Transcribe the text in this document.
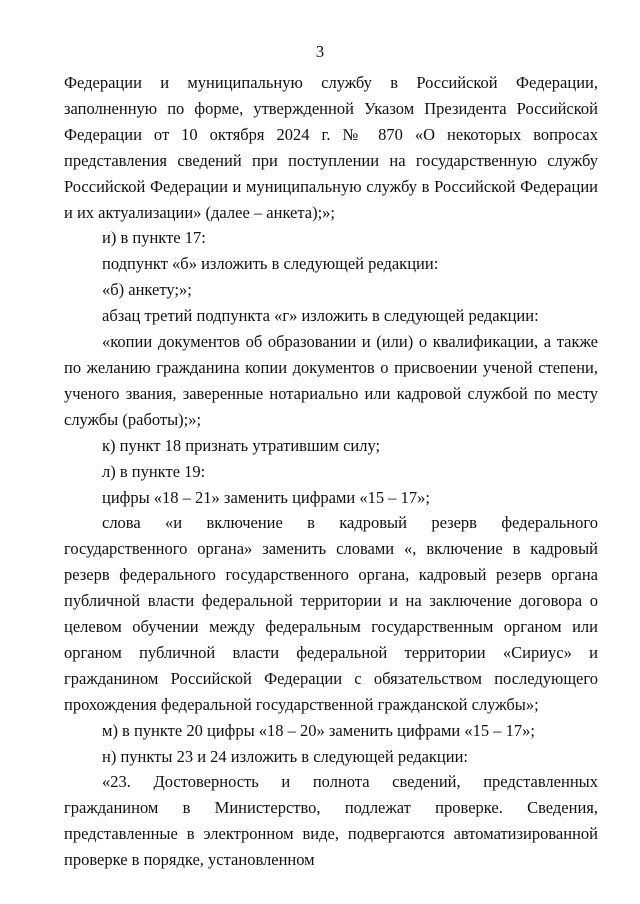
3

Федерации и муниципальную службу в Российской Федерации, заполненную по форме, утвержденной Указом Президента Российской Федерации от 10 октября 2024 г. № 870 «О некоторых вопросах представления сведений при поступлении на государственную службу Российской Федерации и муниципальную службу в Российской Федерации и их актуализации» (далее – анкета);»;

и) в пункте 17:

подпункт «б» изложить в следующей редакции:

«б) анкету;»;

абзац третий подпункта «г» изложить в следующей редакции:

«копии документов об образовании и (или) о квалификации, а также по желанию гражданина копии документов о присвоении ученой степени, ученого звания, заверенные нотариально или кадровой службой по месту службы (работы);»;

к) пункт 18 признать утратившим силу;

л) в пункте 19:

цифры «18 – 21» заменить цифрами «15 – 17»;

слова «и включение в кадровый резерв федерального государственного органа» заменить словами «, включение в кадровый резерв федерального государственного органа, кадровый резерв органа публичной власти федеральной территории и на заключение договора о целевом обучении между федеральным государственным органом или органом публичной власти федеральной территории «Сириус» и гражданином Российской Федерации с обязательством последующего прохождения федеральной государственной гражданской службы»;

м) в пункте 20 цифры «18 – 20» заменить цифрами «15 – 17»;

н) пункты 23 и 24 изложить в следующей редакции:

«23. Достоверность и полнота сведений, представленных гражданином в Министерство, подлежат проверке. Сведения, представленные в электронном виде, подвергаются автоматизированной проверке в порядке, установленном
